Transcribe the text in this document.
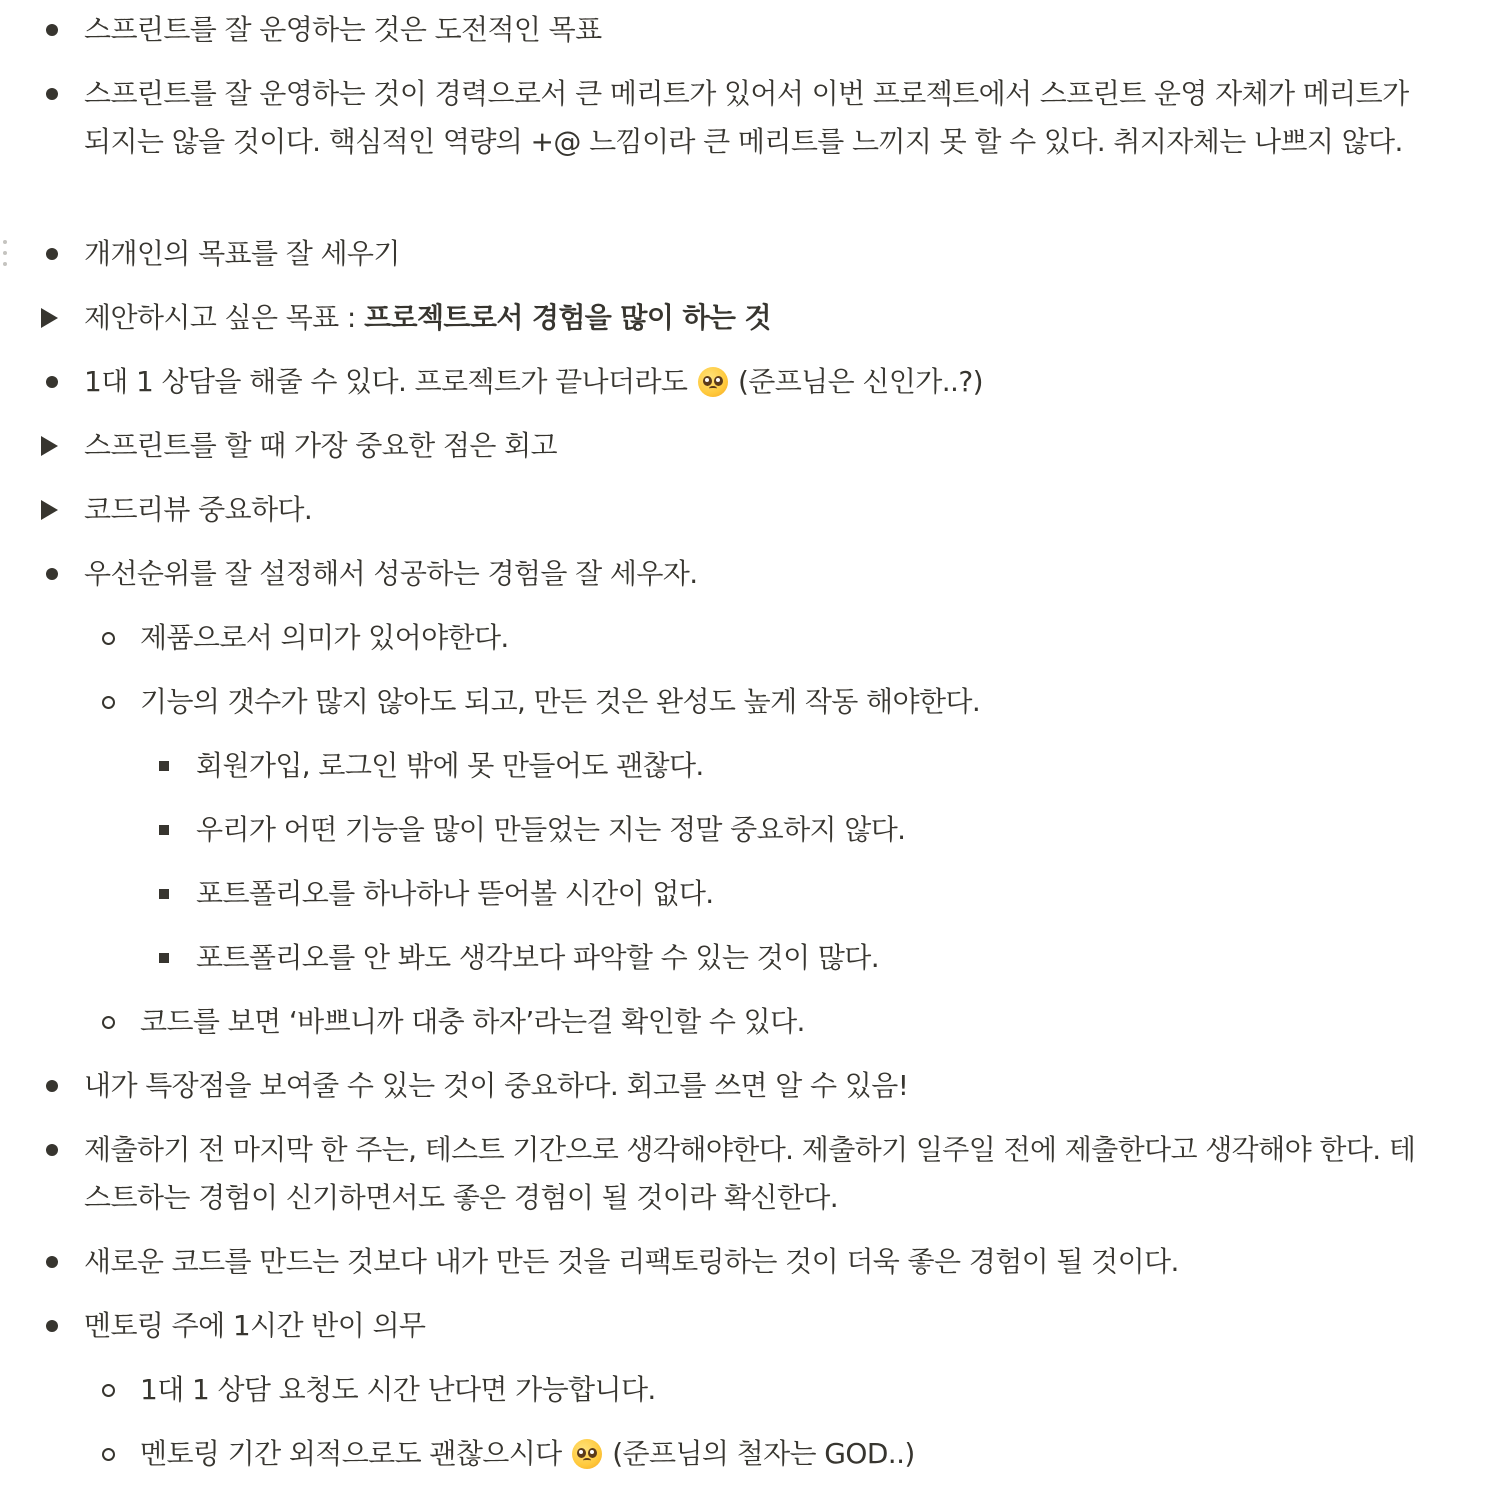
스프린트를 잘 운영하는 것은 도전적인 목표
스프린트를 잘 운영하는 것이 경력으로서 큰 메리트가 있어서 이번 프로젝트에서 스프린트 운영 자체가 메리트가 되지는 않을 것이다. 핵심적인 역량의 +@ 느낌이라 큰 메리트를 느끼지 못 할 수 있다. 취지자체는 나쁘지 않다.
개개인의 목표를 잘 세우기
제안하시고 싶은 목표 : 프로젝트로서 경험을 많이 하는 것
1대 1 상담을 해줄 수 있다. 프로젝트가 끝나더라도
(준프님은 신인가..?)
스프린트를 할 때 가장 중요한 점은 회고
코드리뷰 중요하다.
우선순위를 잘 설정해서 성공하는 경험을 잘 세우자.
제품으로서 의미가 있어야한다.
기능의 갯수가 많지 않아도 되고, 만든 것은 완성도 높게 작동 해야한다.
회원가입, 로그인 밖에 못 만들어도 괜찮다.
우리가 어떤 기능을 많이 만들었는 지는 정말 중요하지 않다.
포트폴리오를 하나하나 뜯어볼 시간이 없다.
포트폴리오를 안 봐도 생각보다 파악할 수 있는 것이 많다.
코드를 보면 ‘바쁘니까 대충 하자’라는걸 확인할 수 있다.
내가 특장점을 보여줄 수 있는 것이 중요하다. 회고를 쓰면 알 수 있음!
제출하기 전 마지막 한 주는, 테스트 기간으로 생각해야한다. 제출하기 일주일 전에 제출한다고 생각해야 한다. 테스트하는 경험이 신기하면서도 좋은 경험이 될 것이라 확신한다.
새로운 코드를 만드는 것보다 내가 만든 것을 리팩토링하는 것이 더욱 좋은 경험이 될 것이다.
멘토링 주에 1시간 반이 의무
1대 1 상담 요청도 시간 난다면 가능합니다.
멘토링 기간 외적으로도 괜찮으시다
(준프님의 철자는 GOD..)
